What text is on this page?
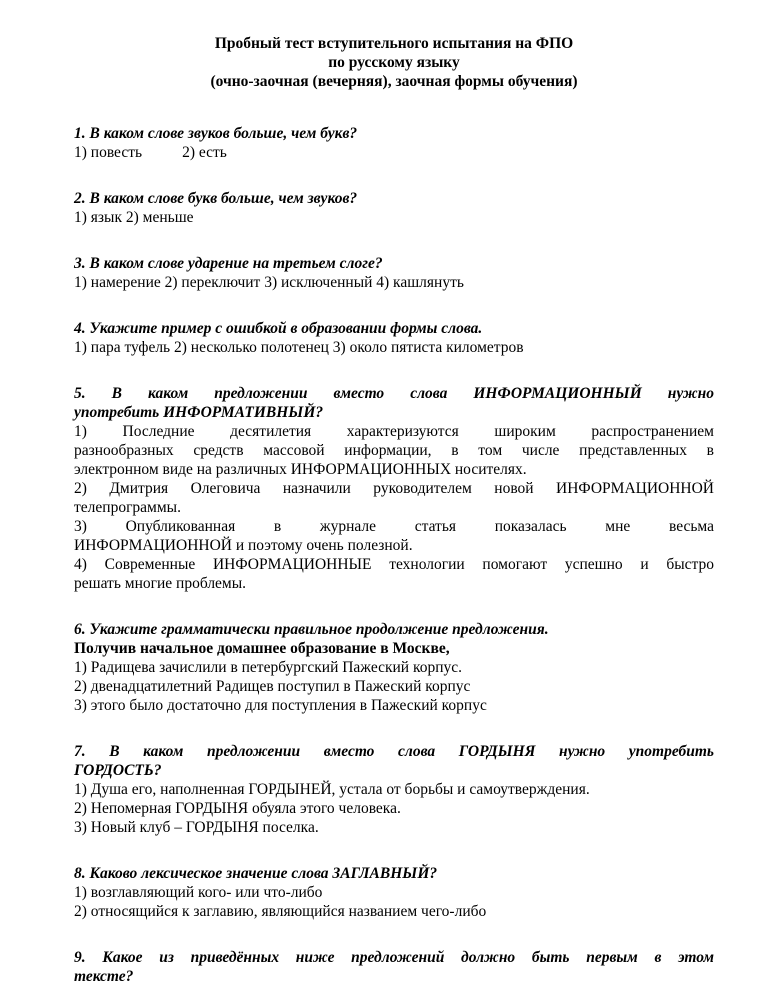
Пробный тест вступительного испытания на ФПО
по русскому языку
(очно-заочная (вечерняя), заочная формы обучения)
1. В каком слове звуков больше, чем букв?
1) повесть	2) есть
2. В каком слове букв больше, чем звуков?
1) язык 2) меньше
3. В каком слове ударение на третьем слоге?
1) намерение 2) переключит 3) исключенный 4) кашлянуть
4. Укажите пример с ошибкой в образовании формы слова.
1) пара туфель 2) несколько полотенец 3) около пятиста километров
5. В каком предложении вместо слова ИНФОРМАЦИОННЫЙ нужно
употребить ИНФОРМАТИВНЫЙ?
1) Последние десятилетия характеризуются широким распространением
разнообразных средств массовой информации, в том числе представленных в
электронном виде на различных ИНФОРМАЦИОННЫХ носителях.
2) Дмитрия Олеговича назначили руководителем новой ИНФОРМАЦИОННОЙ
телепрограммы.
3) Опубликованная в журнале статья показалась мне весьма
ИНФОРМАЦИОННОЙ и поэтому очень полезной.
4) Современные ИНФОРМАЦИОННЫЕ технологии помогают успешно и быстро
решать многие проблемы.
6. Укажите грамматически правильное продолжение предложения.
Получив начальное домашнее образование в Москве,
1) Радищева зачислили в петербургский Пажеский корпус.
2) двенадцатилетний Радищев поступил в Пажеский корпус
3) этого было достаточно для поступления в Пажеский корпус
7. В каком предложении вместо слова ГОРДЫНЯ нужно употребить
ГОРДОСТЬ?
1) Душа его, наполненная ГОРДЫНЕЙ, устала от борьбы и самоутверждения.
2) Непомерная ГОРДЫНЯ обуяла этого человека.
3) Новый клуб – ГОРДЫНЯ поселка.
8. Каково лексическое значение слова ЗАГЛАВНЫЙ?
1) возглавляющий кого- или что-либо
2) относящийся к заглавию, являющийся названием чего-либо
9. Какое из приведённых ниже предложений должно быть первым в этом
тексте?
